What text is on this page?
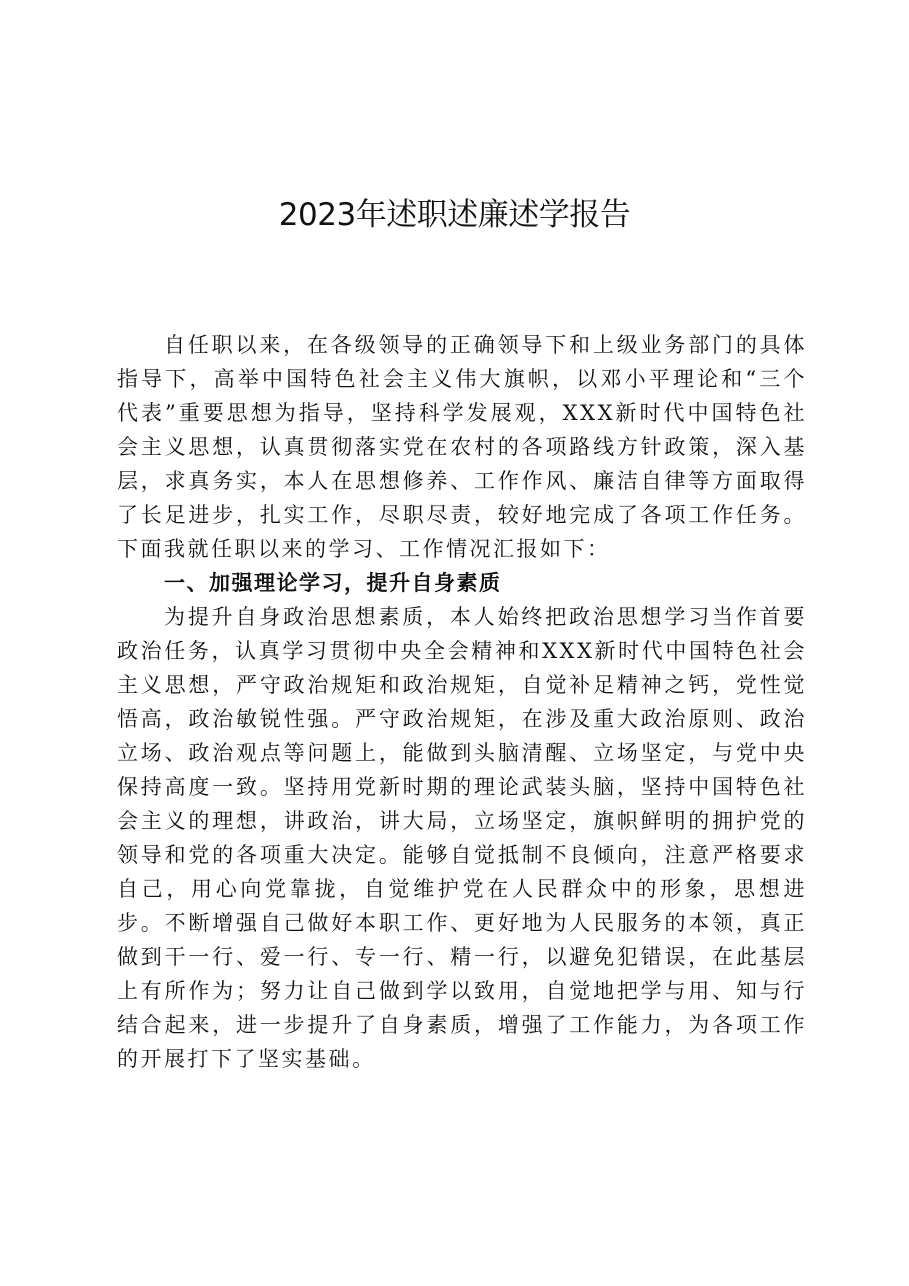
2023年述职述廉述学报告

自任职以来，在各级领导的正确领导下和上级业务部门的具体指导下，高举中国特色社会主义伟大旗帜，以邓小平理论和“三个代表”重要思想为指导，坚持科学发展观，XXX新时代中国特色社会主义思想，认真贯彻落实党在农村的各项路线方针政策，深入基层，求真务实，本人在思想修养、工作作风、廉洁自律等方面取得了长足进步，扎实工作，尽职尽责，较好地完成了各项工作任务。下面我就任职以来的学习、工作情况汇报如下：

一、加强理论学习，提升自身素质

为提升自身政治思想素质，本人始终把政治思想学习当作首要政治任务，认真学习贯彻中央全会精神和XXX新时代中国特色社会主义思想，严守政治规矩和政治规矩，自觉补足精神之钙，党性觉悟高，政治敏锐性强。严守政治规矩，在涉及重大政治原则、政治立场、政治观点等问题上，能做到头脑清醒、立场坚定，与党中央保持高度一致。坚持用党新时期的理论武装头脑，坚持中国特色社会主义的理想，讲政治，讲大局，立场坚定，旗帜鲜明的拥护党的领导和党的各项重大决定。能够自觉抵制不良倾向，注意严格要求自己，用心向党靠拢，自觉维护党在人民群众中的形象，思想进步。不断增强自己做好本职工作、更好地为人民服务的本领，真正做到干一行、爱一行、专一行、精一行，以避免犯错误，在此基层上有所作为；努力让自己做到学以致用，自觉地把学与用、知与行结合起来，进一步提升了自身素质，增强了工作能力，为各项工作的开展打下了坚实基础。
